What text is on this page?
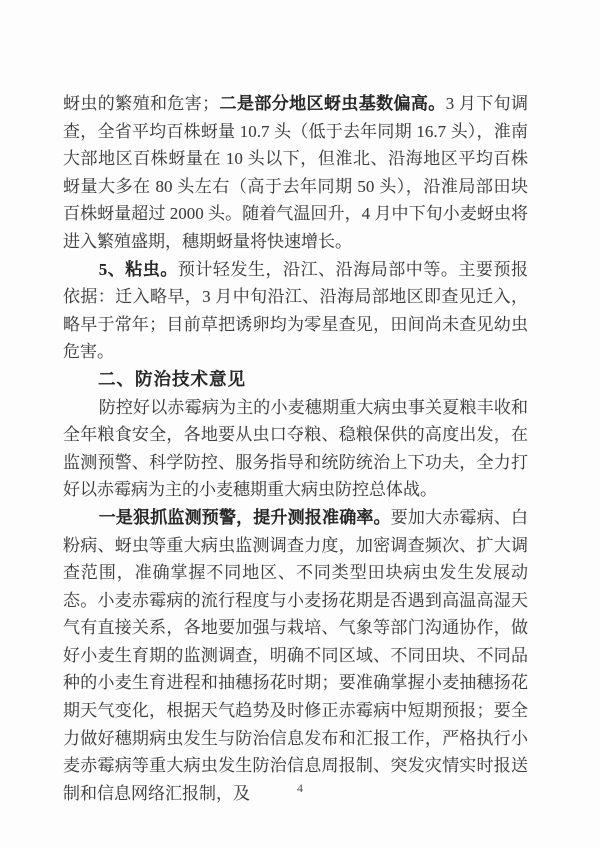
蚜虫的繁殖和危害；二是部分地区蚜虫基数偏高。3 月下旬调查，全省平均百株蚜量 10.7 头（低于去年同期 16.7 头），淮南大部地区百株蚜量在 10 头以下，但淮北、沿海地区平均百株蚜量大多在 80 头左右（高于去年同期 50 头），沿淮局部田块百株蚜量超过 2000 头。随着气温回升，4 月中下旬小麦蚜虫将进入繁殖盛期，穗期蚜量将快速增长。
5、粘虫。预计轻发生，沿江、沿海局部中等。主要预报依据：迁入略早，3 月中旬沿江、沿海局部地区即查见迁入，略早于常年；目前草把诱卵均为零星查见，田间尚未查见幼虫危害。
二、防治技术意见
防控好以赤霉病为主的小麦穗期重大病虫事关夏粮丰收和全年粮食安全，各地要从虫口夺粮、稳粮保供的高度出发，在监测预警、科学防控、服务指导和统防统治上下功夫，全力打好以赤霉病为主的小麦穗期重大病虫防控总体战。
一是狠抓监测预警，提升测报准确率。要加大赤霉病、白粉病、蚜虫等重大病虫监测调查力度，加密调查频次、扩大调查范围，准确掌握不同地区、不同类型田块病虫发生发展动态。小麦赤霉病的流行程度与小麦扬花期是否遇到高温高湿天气有直接关系，各地要加强与栽培、气象等部门沟通协作，做好小麦生育期的监测调查，明确不同区域、不同田块、不同品种的小麦生育进程和抽穗扬花时期；要准确掌握小麦抽穗扬花期天气变化，根据天气趋势及时修正赤霉病中短期预报；要全力做好穗期病虫发生与防治信息发布和汇报工作，严格执行小麦赤霉病等重大病虫发生防治信息周报制、突发灾情实时报送制和信息网络汇报制，及	4
